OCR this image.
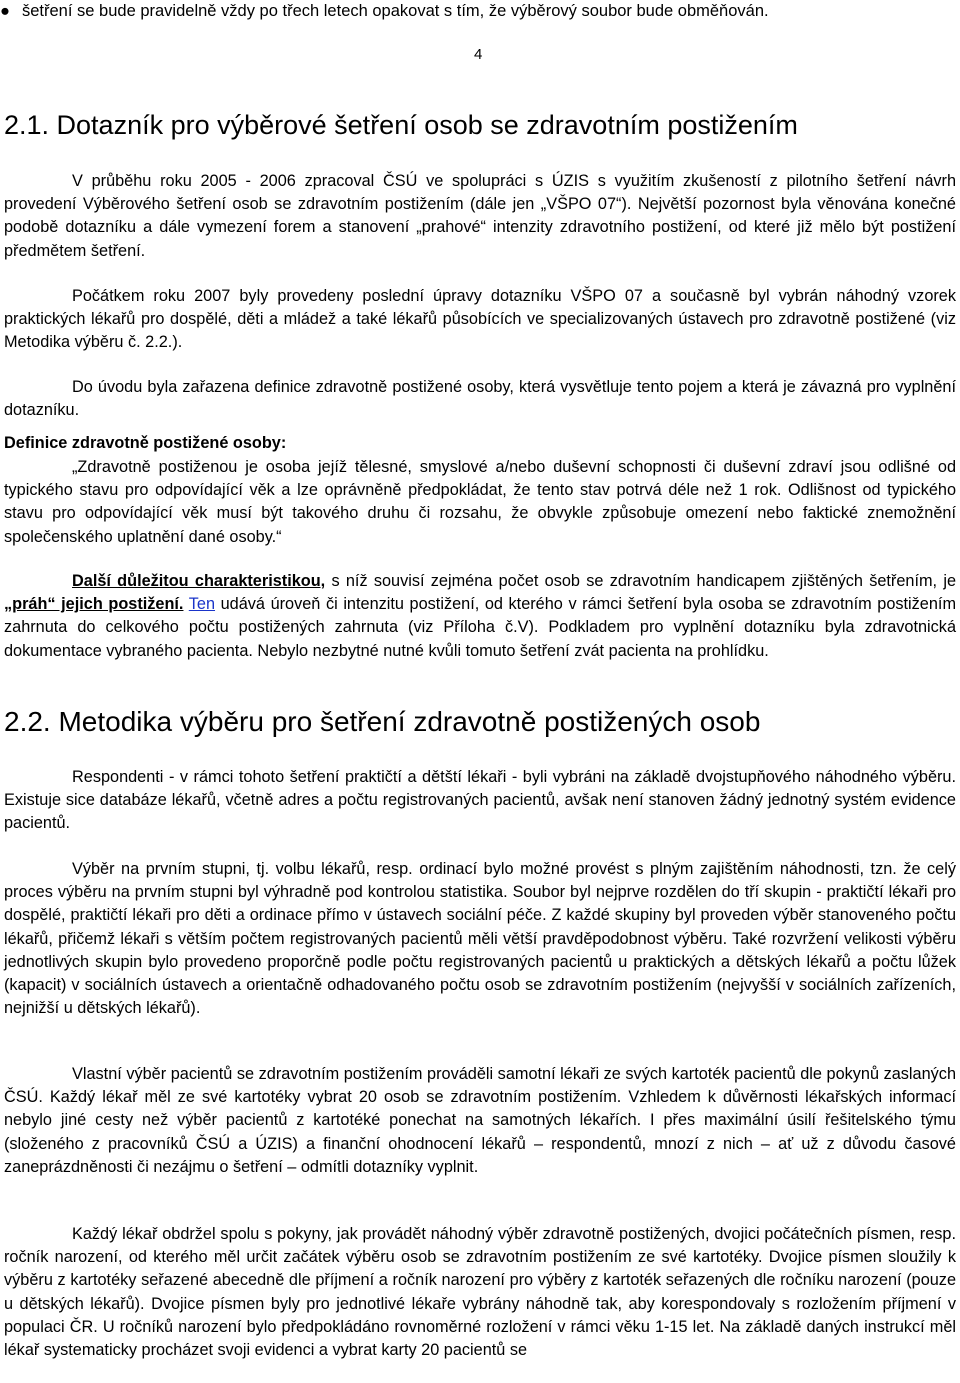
● šetření se bude pravidelně vždy po třech letech opakovat s tím, že výběrový soubor bude obměňován.
4
2.1. Dotazník pro výběrové šetření osob se zdravotním postižením

V průběhu roku 2005 - 2006 zpracoval ČSÚ ve spolupráci s ÚZIS s využitím zkušeností z pilotního šetření návrh provedení Výběrového šetření osob se zdravotním postižením (dále jen „VŠPO 07“). Největší pozornost byla věnována konečné podobě dotazníku a dále vymezení forem a stanovení „prahové“ intenzity zdravotního postižení, od které již mělo být postižení předmětem šetření.

Počátkem roku 2007 byly provedeny poslední úpravy dotazníku VŠPO 07 a současně byl vybrán náhodný vzorek praktických lékařů pro dospělé, děti a mládež a také lékařů působících ve specializovaných ústavech pro zdravotně postižené (viz Metodika výběru č. 2.2.).

Do úvodu byla zařazena definice zdravotně postižené osoby, která vysvětluje tento pojem a která je závazná pro vyplnění dotazníku.

Definice zdravotně postižené osoby:

„Zdravotně postiženou je osoba jejíž tělesné, smyslové a/nebo duševní schopnosti či duševní zdraví jsou odlišné od typického stavu pro odpovídající věk a lze oprávněně předpokládat, že tento stav potrvá déle než 1 rok. Odlišnost od typického stavu pro odpovídající věk musí být takového druhu či rozsahu, že obvykle způsobuje omezení nebo faktické znemožnění společenského uplatnění dané osoby.“

Další důležitou charakteristikou, s níž souvisí zejména počet osob se zdravotním handicapem zjištěných šetřením, je „práh“ jejich postižení. Ten udává úroveň či intenzitu postižení, od kterého v rámci šetření byla osoba se zdravotním postižením zahrnuta do celkového počtu postižených zahrnuta (viz Příloha č.V). Podkladem pro vyplnění dotazníku byla zdravotnická dokumentace vybraného pacienta. Nebylo nezbytné nutné kvůli tomuto šetření zvát pacienta na prohlídku.

2.2. Metodika výběru pro šetření zdravotně postižených osob

Respondenti - v rámci tohoto šetření praktičtí a dětští lékaři - byli vybráni na základě dvojstupňového náhodného výběru. Existuje sice databáze lékařů, včetně adres a počtu registrovaných pacientů, avšak není stanoven žádný jednotný systém evidence pacientů.

Výběr na prvním stupni, tj. volbu lékařů, resp. ordinací bylo možné provést s plným zajištěním náhodnosti, tzn. že celý proces výběru na prvním stupni byl výhradně pod kontrolou statistika. Soubor byl nejprve rozdělen do tří skupin - praktičtí lékaři pro dospělé, praktičtí lékaři pro děti a ordinace přímo v ústavech sociální péče. Z každé skupiny byl proveden výběr stanoveného počtu lékařů, přičemž lékaři s větším počtem registrovaných pacientů měli větší pravděpodobnost výběru. Také rozvržení velikosti výběru jednotlivých skupin bylo provedeno proporčně podle počtu registrovaných pacientů u praktických a dětských lékařů a počtu lůžek (kapacit) v sociálních ústavech a orientačně odhadovaného počtu osob se zdravotním postižením (nejvyšší v sociálních zařízeních, nejnižší u dětských lékařů).

Vlastní výběr pacientů se zdravotním postižením prováděli samotní lékaři ze svých kartoték pacientů dle pokynů zaslaných ČSÚ. Každý lékař měl ze své kartotéky vybrat 20 osob se zdravotním postižením. Vzhledem k důvěrnosti lékařských informací nebylo jiné cesty než výběr pacientů z kartotéké ponechat na samotných lékařích. I přes maximální úsilí řešitelského týmu (složeného z pracovníků ČSÚ a ÚZIS) a finanční ohodnocení lékařů – respondentů, mnozí z nich – ať už z důvodu časové zaneprázdněnosti či nezájmu o šetření – odmítli dotazníky vyplnit.

Každý lékař obdržel spolu s pokyny, jak provádět náhodný výběr zdravotně postižených, dvojici počátečních písmen, resp. ročník narození, od kterého měl určit začátek výběru osob se zdravotním postižením ze své kartotéky. Dvojice písmen sloužily k výběru z kartotéky seřazené abecedně dle příjmení a ročník narození pro výběry z kartoték seřazených dle ročníku narození (pouze u dětských lékařů). Dvojice písmen byly pro jednotlivé lékaře vybrány náhodně tak, aby korespondovaly s rozložením příjmení v populaci ČR. U ročníků narození bylo předpokládáno rovnoměrné rozložení v rámci věku 1-15 let. Na základě daných instrukcí měl lékař systematicky procházet svoji evidenci a vybrat karty 20 pacientů se
